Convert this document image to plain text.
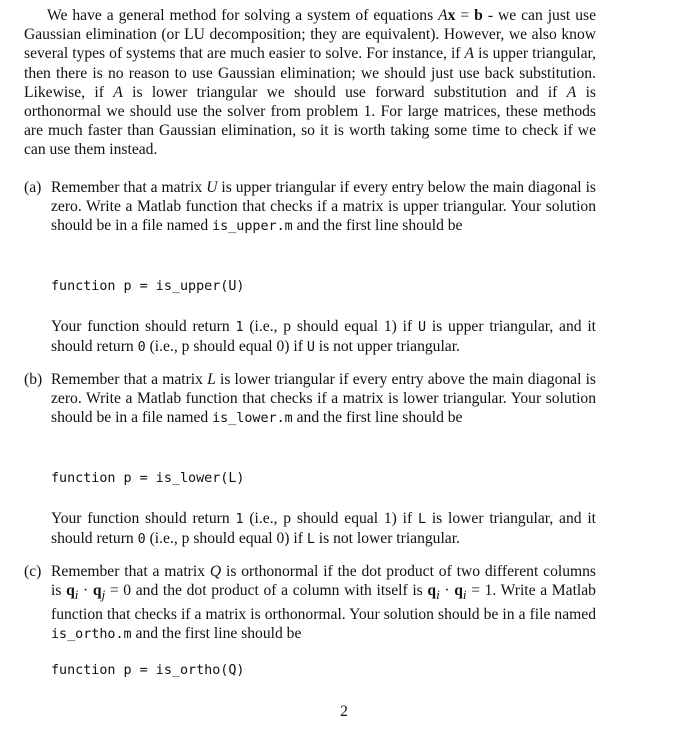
We have a general method for solving a system of equations Ax = b - we can just use Gaussian elimination (or LU decomposition; they are equivalent). However, we also know several types of systems that are much easier to solve. For instance, if A is upper triangular, then there is no reason to use Gaussian elimination; we should just use back substitution. Likewise, if A is lower triangular we should use forward substitution and if A is orthonormal we should use the solver from problem 1. For large matrices, these methods are much faster than Gaussian elimination, so it is worth taking some time to check if we can use them instead.

(a) Remember that a matrix U is upper triangular if every entry below the main diagonal is zero. Write a Matlab function that checks if a matrix is upper triangular. Your solution should be in a file named is_upper.m and the first line should be

function p = is_upper(U)

Your function should return 1 (i.e., p should equal 1) if U is upper triangular, and it should return 0 (i.e., p should equal 0) if U is not upper triangular.

(b) Remember that a matrix L is lower triangular if every entry above the main diagonal is zero. Write a Matlab function that checks if a matrix is lower triangular. Your solution should be in a file named is_lower.m and the first line should be

function p = is_lower(L)

Your function should return 1 (i.e., p should equal 1) if L is lower triangular, and it should return 0 (i.e., p should equal 0) if L is not lower triangular.

(c) Remember that a matrix Q is orthonormal if the dot product of two different columns is $q_i \cdot q_j = 0$ and the dot product of a column with itself is $q_i \cdot q_i = 1$. Write a Matlab function that checks if a matrix is orthonormal. Your solution should be in a file named is_ortho.m and the first line should be

function p = is_ortho(Q)
2
